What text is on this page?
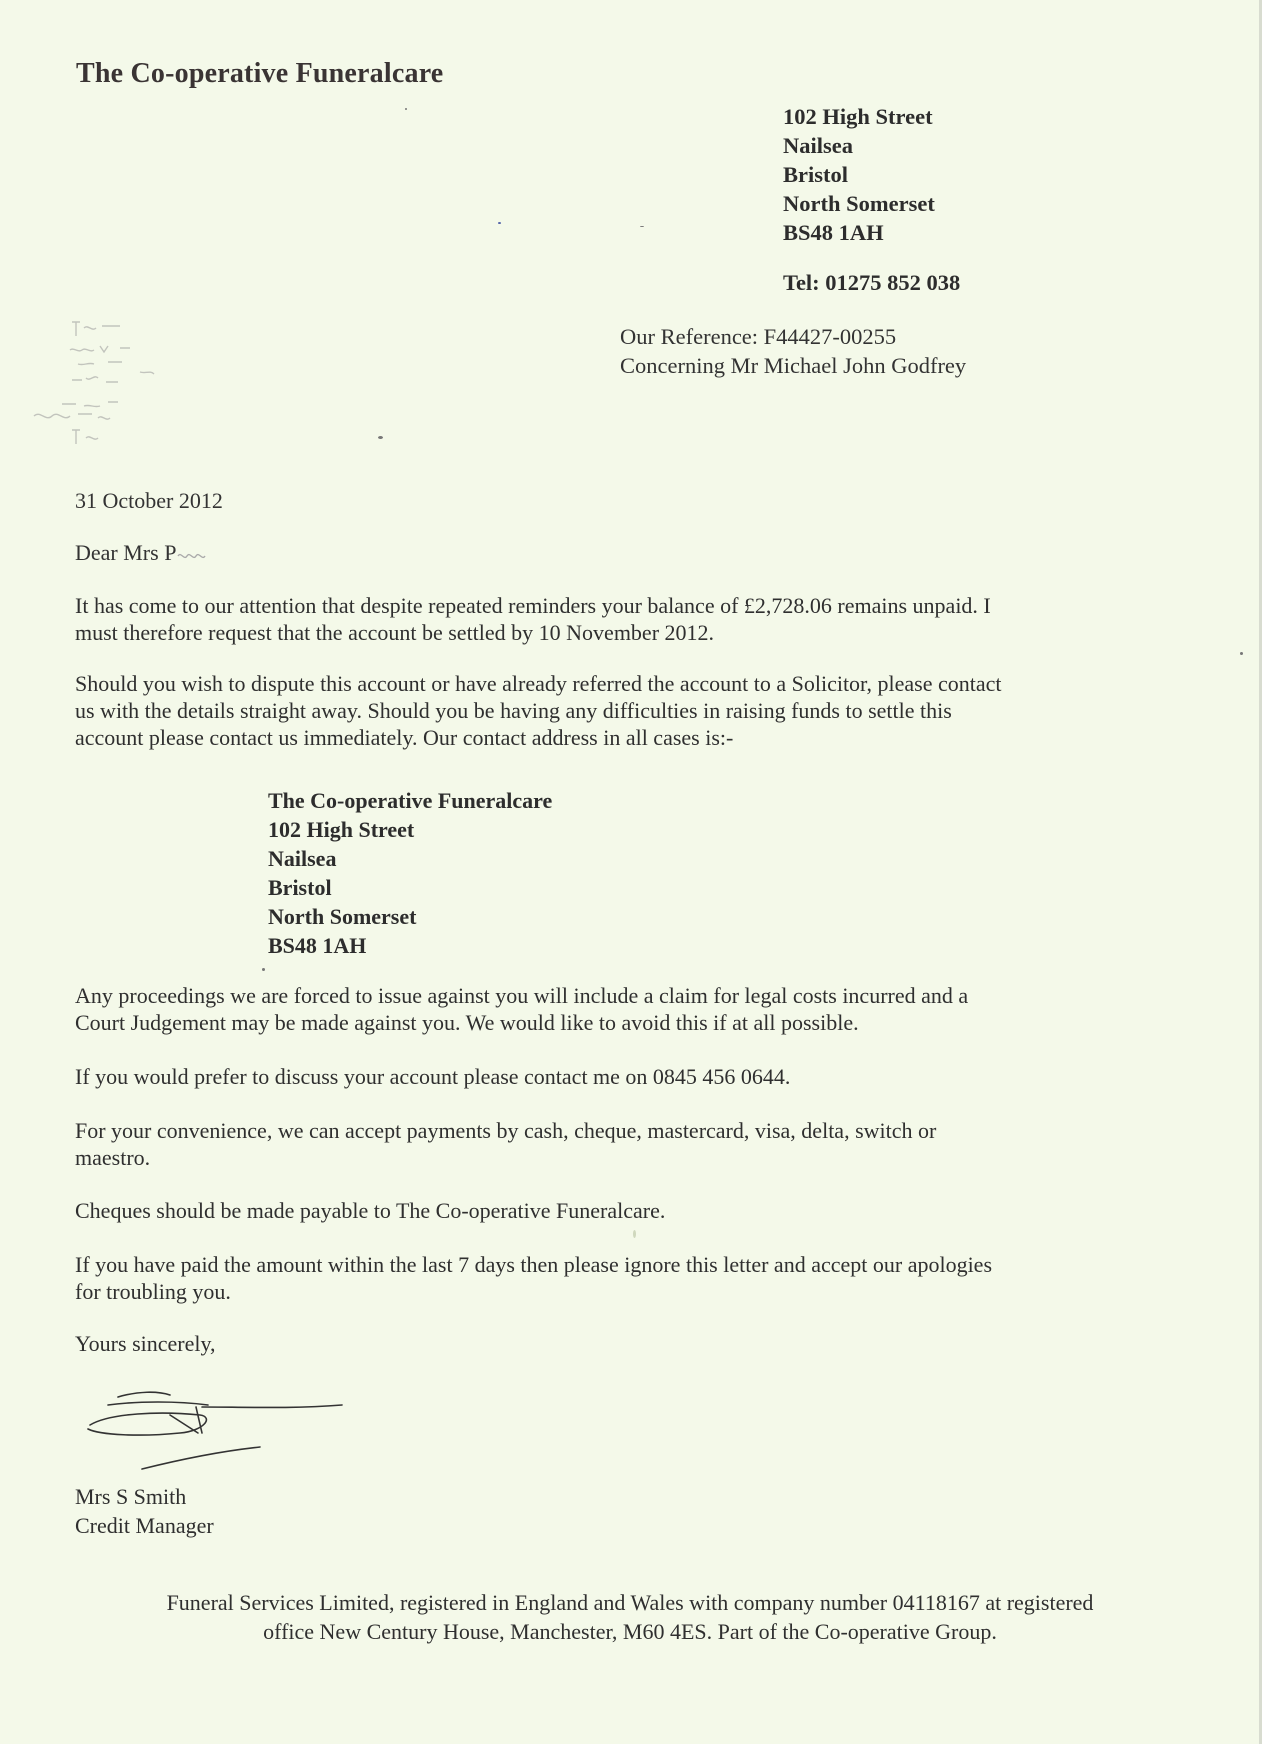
The Co-operative Funeralcare
102 High Street
Nailsea
Bristol
North Somerset
BS48 1AH
Tel: 01275 852 038
Our Reference: F44427-00255
Concerning Mr Michael John Godfrey
31 October 2012
Dear Mrs P
It has come to our attention that despite repeated reminders your balance of £2,728.06 remains unpaid. I
must therefore request that the account be settled by 10 November 2012.
Should you wish to dispute this account or have already referred the account to a Solicitor, please contact
us with the details straight away. Should you be having any difficulties in raising funds to settle this
account please contact us immediately. Our contact address in all cases is:-
The Co-operative Funeralcare
102 High Street
Nailsea
Bristol
North Somerset
BS48 1AH
Any proceedings we are forced to issue against you will include a claim for legal costs incurred and a
Court Judgement may be made against you. We would like to avoid this if at all possible.
If you would prefer to discuss your account please contact me on 0845 456 0644.
For your convenience, we can accept payments by cash, cheque, mastercard, visa, delta, switch or
maestro.
Cheques should be made payable to The Co-operative Funeralcare.
If you have paid the amount within the last 7 days then please ignore this letter and accept our apologies
for troubling you.
Yours sincerely,
Mrs S Smith
Credit Manager
Funeral Services Limited, registered in England and Wales with company number 04118167 at registered
office New Century House, Manchester, M60 4ES. Part of the Co-operative Group.
